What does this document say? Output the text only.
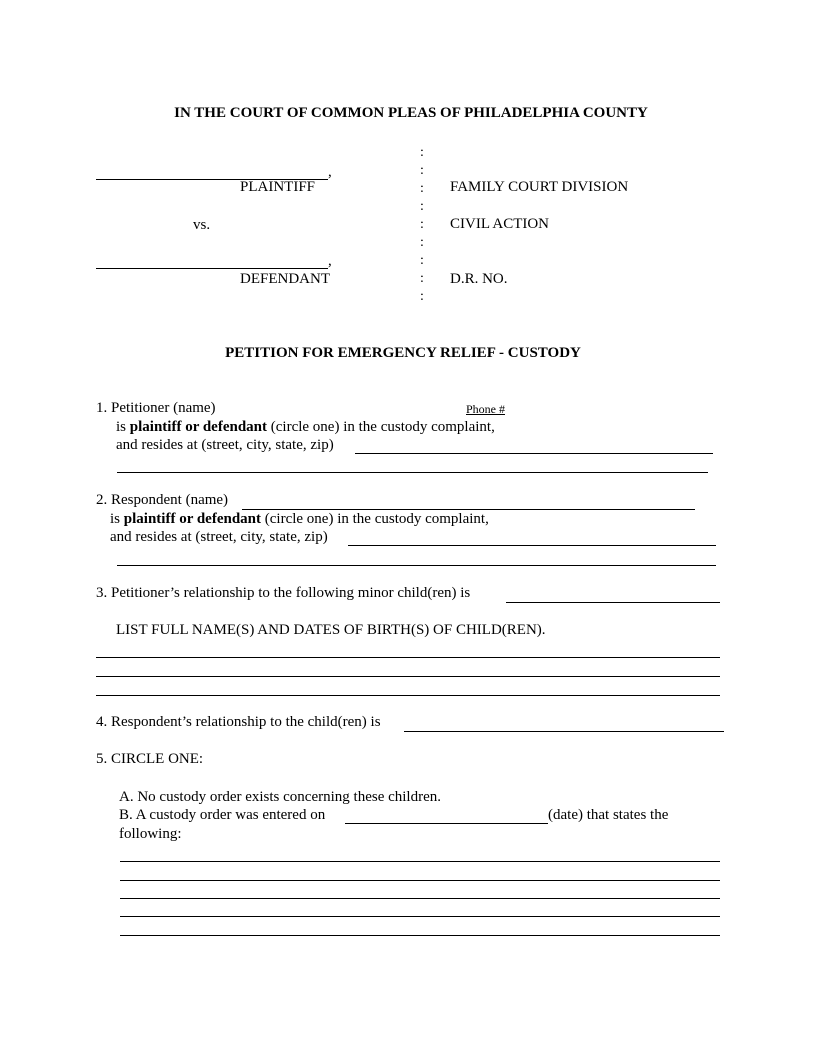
IN THE COURT OF COMMON PLEAS OF PHILADELPHIA COUNTY
,
PLAINTIFF
vs.
,
DEFENDANT
:
:
:
:
:
:
:
:
:
FAMILY COURT DIVISION
CIVIL ACTION
D.R. NO.
PETITION FOR EMERGENCY RELIEF - CUSTODY
1. Petitioner (name)	Phone #
is plaintiff or defendant (circle one) in the custody complaint,
and resides at (street, city, state, zip)
2. Respondent (name)
is plaintiff or defendant (circle one) in the custody complaint,
and resides at (street, city, state, zip)
3. Petitioner’s relationship to the following minor child(ren) is
LIST FULL NAME(S) AND DATES OF BIRTH(S) OF CHILD(REN).
4. Respondent’s relationship to the child(ren) is
5. CIRCLE ONE:
A. No custody order exists concerning these children.
B. A custody order was entered on	(date) that states the
following:
